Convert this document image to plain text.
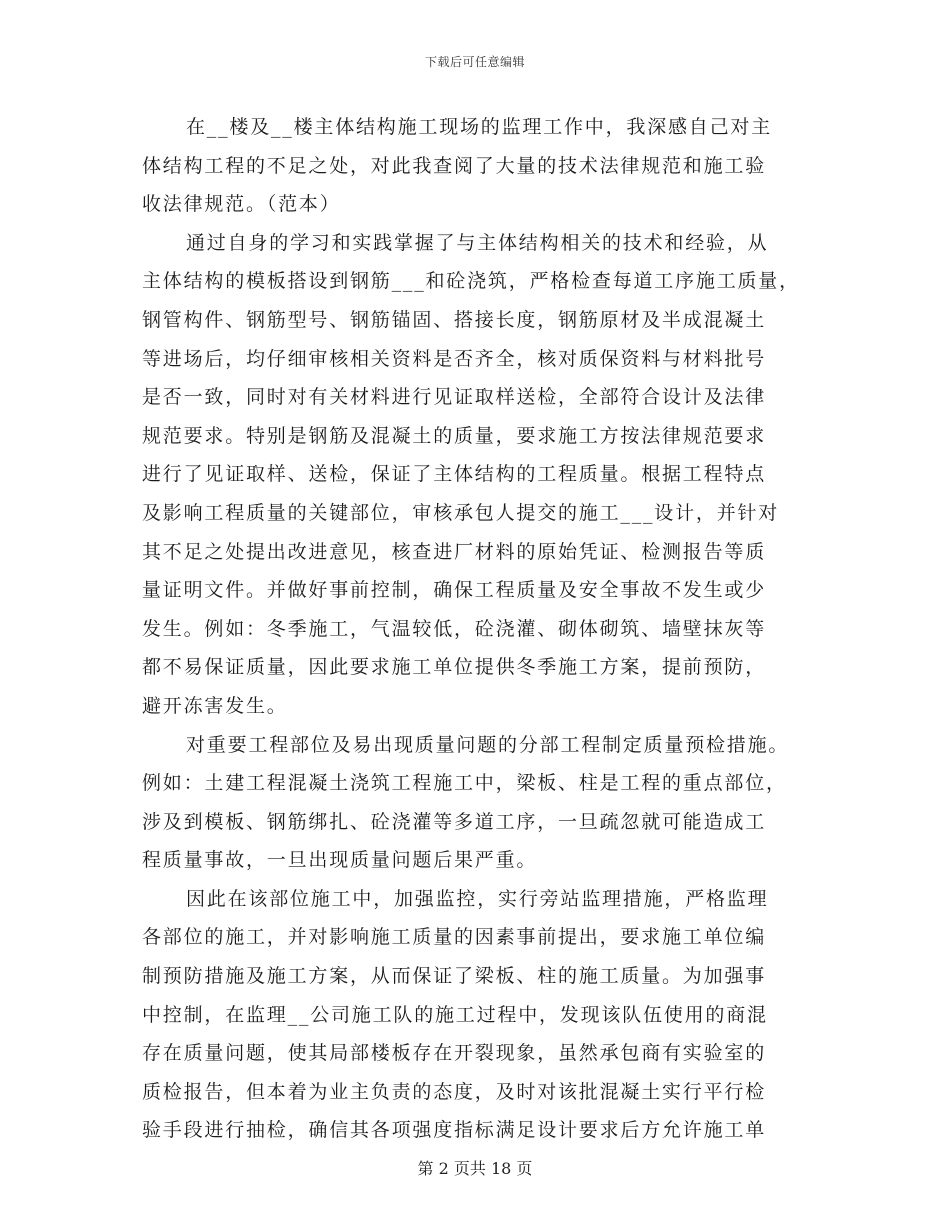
下载后可任意编辑
在__楼及__楼主体结构施工现场的监理工作中，我深感自己对主
体结构工程的不足之处，对此我查阅了大量的技术法律规范和施工验
收法律规范。（范本）
通过自身的学习和实践掌握了与主体结构相关的技术和经验，从
主体结构的模板搭设到钢筋___和砼浇筑，严格检查每道工序施工质量，
钢管构件、钢筋型号、钢筋锚固、搭接长度，钢筋原材及半成混凝土
等进场后，均仔细审核相关资料是否齐全，核对质保资料与材料批号
是否一致，同时对有关材料进行见证取样送检，全部符合设计及法律
规范要求。特别是钢筋及混凝土的质量，要求施工方按法律规范要求
进行了见证取样、送检，保证了主体结构的工程质量。根据工程特点
及影响工程质量的关键部位，审核承包人提交的施工___设计，并针对
其不足之处提出改进意见，核查进厂材料的原始凭证、检测报告等质
量证明文件。并做好事前控制，确保工程质量及安全事故不发生或少
发生。例如：冬季施工，气温较低，砼浇灌、砌体砌筑、墙壁抹灰等
都不易保证质量，因此要求施工单位提供冬季施工方案，提前预防，
避开冻害发生。
对重要工程部位及易出现质量问题的分部工程制定质量预检措施。
例如：土建工程混凝土浇筑工程施工中，梁板、柱是工程的重点部位，
涉及到模板、钢筋绑扎、砼浇灌等多道工序，一旦疏忽就可能造成工
程质量事故，一旦出现质量问题后果严重。
因此在该部位施工中，加强监控，实行旁站监理措施，严格监理
各部位的施工，并对影响施工质量的因素事前提出，要求施工单位编
制预防措施及施工方案，从而保证了梁板、柱的施工质量。为加强事
中控制，在监理__公司施工队的施工过程中，发现该队伍使用的商混
存在质量问题，使其局部楼板存在开裂现象，虽然承包商有实验室的
质检报告，但本着为业主负责的态度，及时对该批混凝土实行平行检
验手段进行抽检，确信其各项强度指标满足设计要求后方允许施工单
第 2 页共 18 页
